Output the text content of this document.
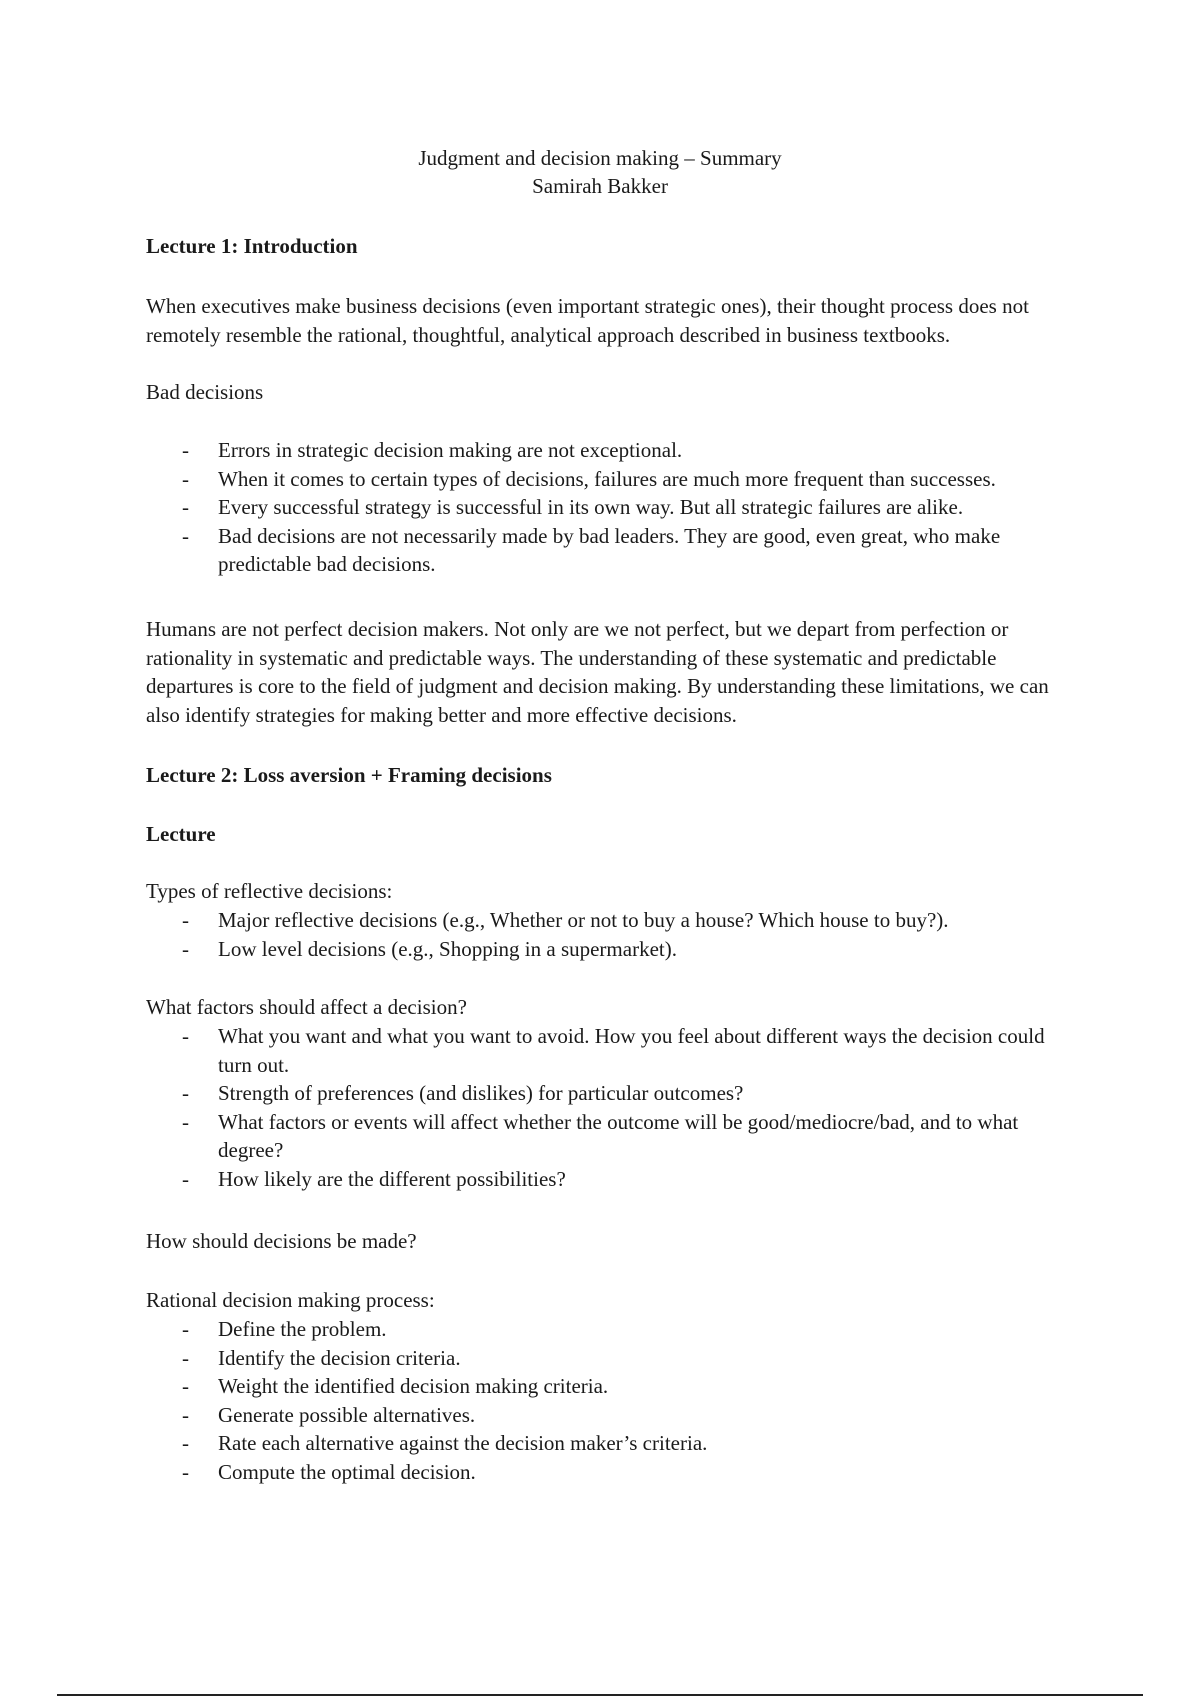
Judgment and decision making – Summary
Samirah Bakker
Lecture 1: Introduction

When executives make business decisions (even important strategic ones), their thought process does not remotely resemble the rational, thoughtful, analytical approach described in business textbooks.

Bad decisions

- Errors in strategic decision making are not exceptional.
- When it comes to certain types of decisions, failures are much more frequent than successes.
- Every successful strategy is successful in its own way. But all strategic failures are alike.
- Bad decisions are not necessarily made by bad leaders. They are good, even great, who make predictable bad decisions.

Humans are not perfect decision makers. Not only are we not perfect, but we depart from perfection or rationality in systematic and predictable ways. The understanding of these systematic and predictable departures is core to the field of judgment and decision making. By understanding these limitations, we can also identify strategies for making better and more effective decisions.

Lecture 2: Loss aversion + Framing decisions
Lecture

Types of reflective decisions:

- Major reflective decisions (e.g., Whether or not to buy a house? Which house to buy?).
- Low level decisions (e.g., Shopping in a supermarket).

What factors should affect a decision?

- What you want and what you want to avoid. How you feel about different ways the decision could turn out.
- Strength of preferences (and dislikes) for particular outcomes?
- What factors or events will affect whether the outcome will be good/mediocre/bad, and to what degree?
- How likely are the different possibilities?

How should decisions be made?

Rational decision making process:

- Define the problem.
- Identify the decision criteria.
- Weight the identified decision making criteria.
- Generate possible alternatives.
- Rate each alternative against the decision maker’s criteria.
- Compute the optimal decision.
